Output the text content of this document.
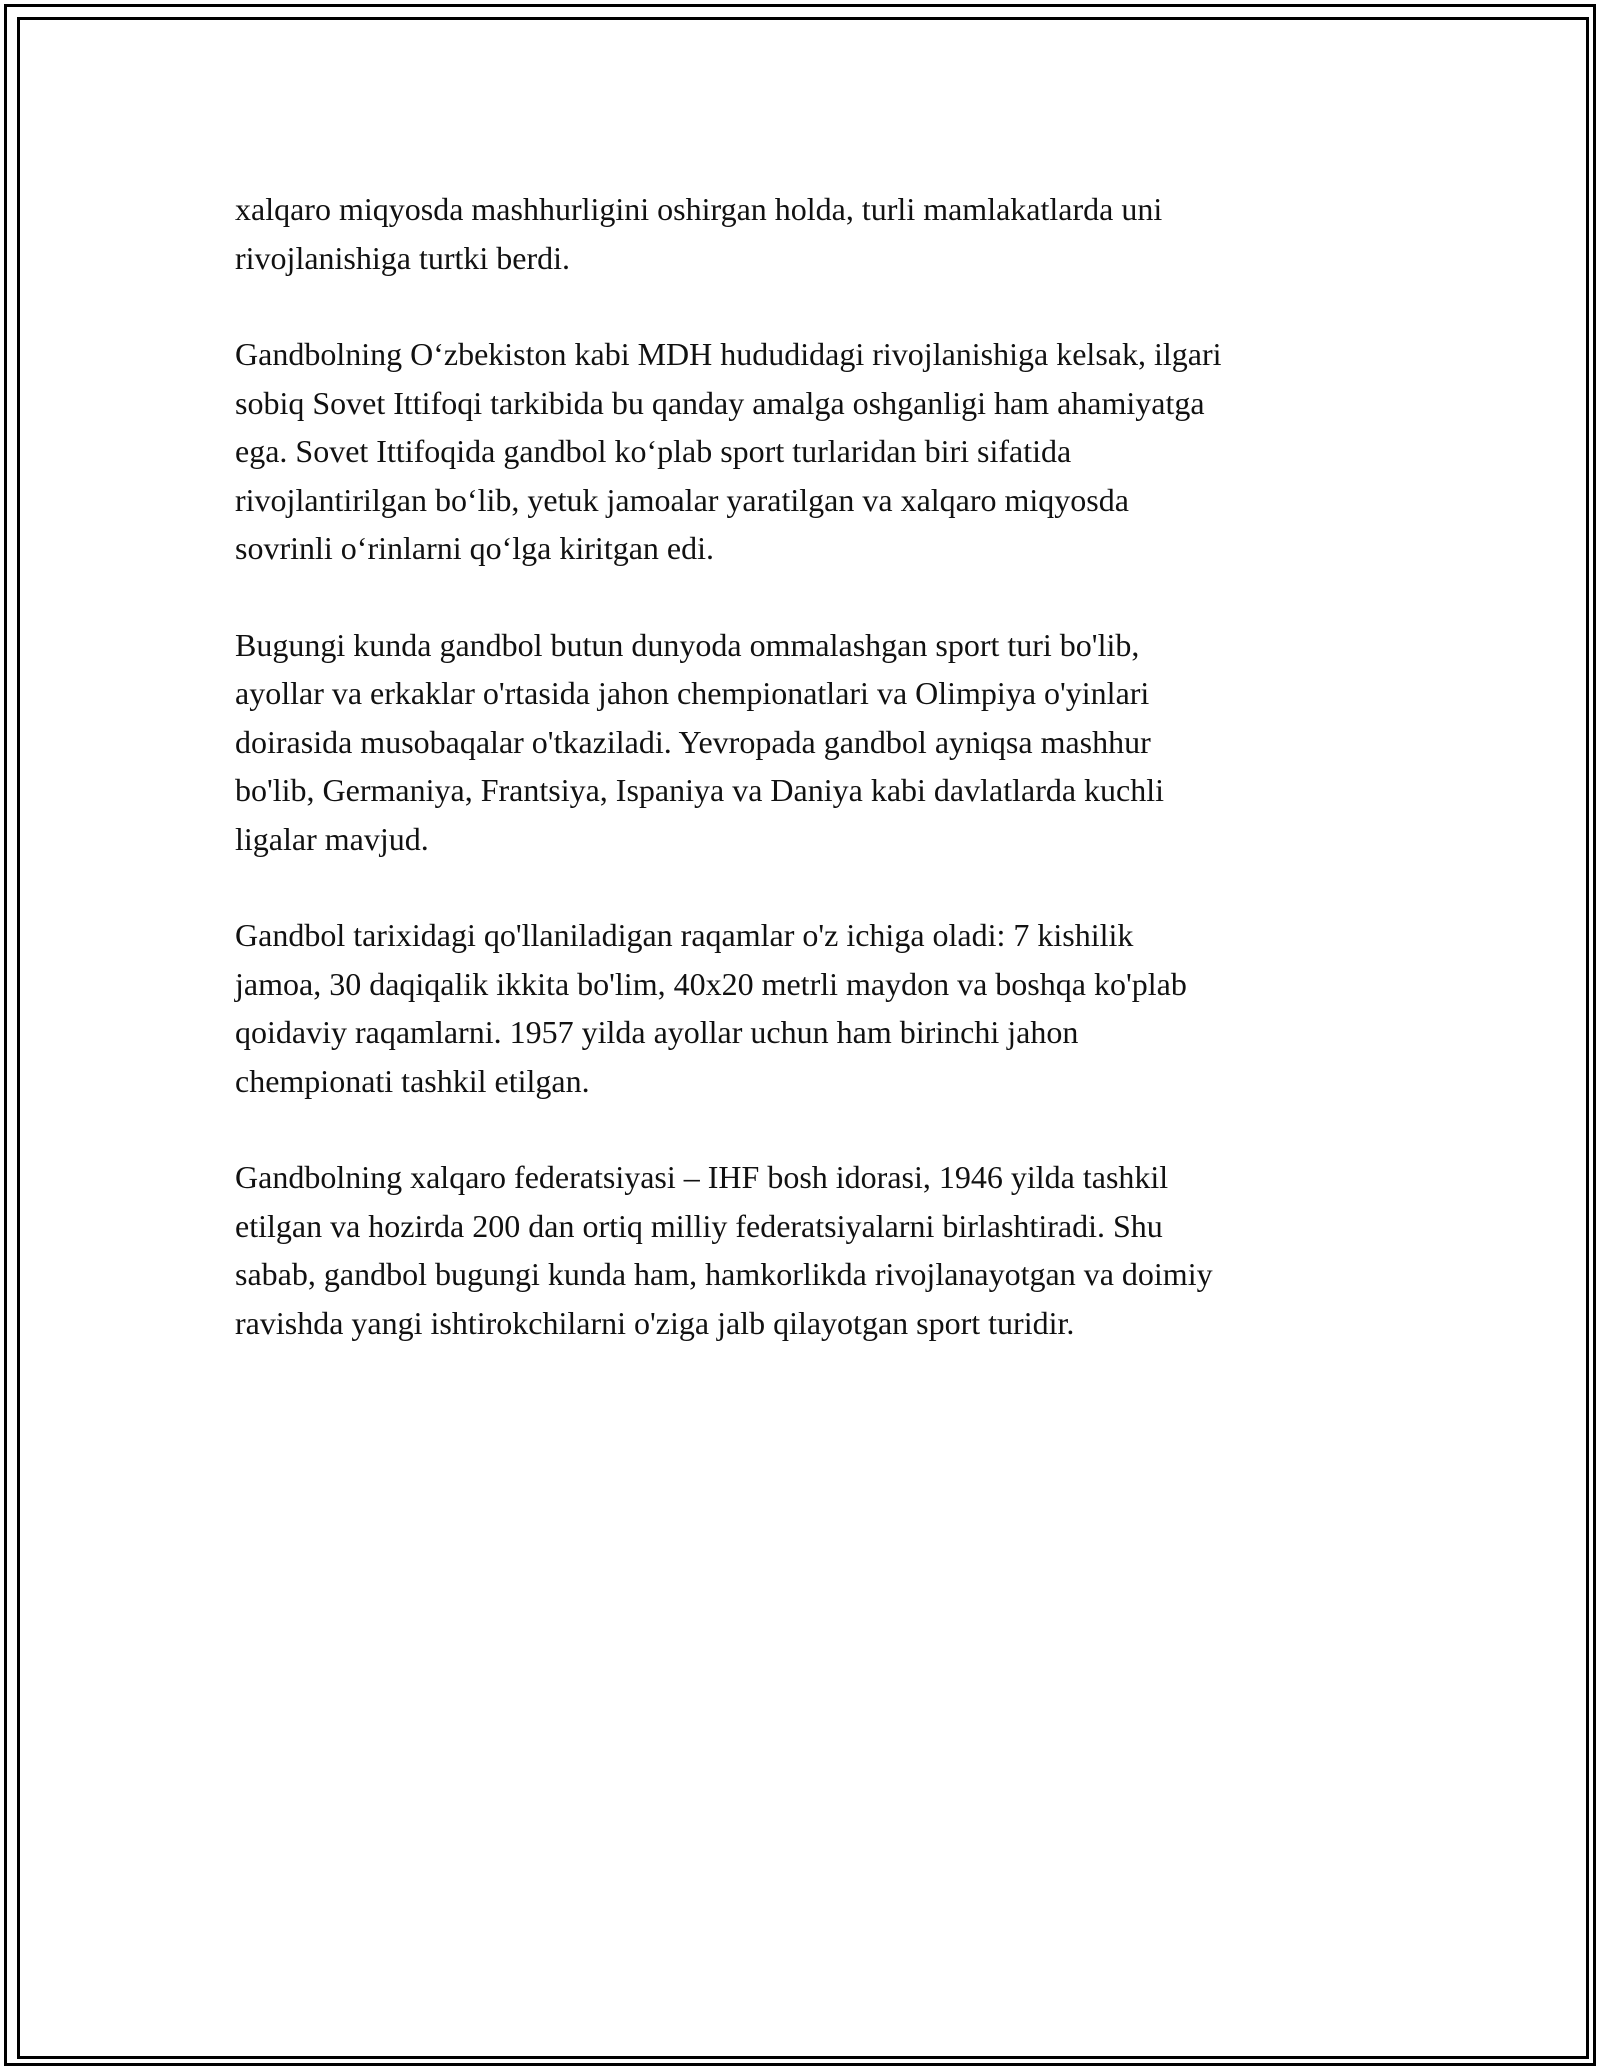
xalqaro miqyosda mashhurligini oshirgan holda, turli mamlakatlarda uni
rivojlanishiga turtki berdi.

Gandbolning O‘zbekiston kabi MDH hududidagi rivojlanishiga kelsak, ilgari
sobiq Sovet Ittifoqi tarkibida bu qanday amalga oshganligi ham ahamiyatga
ega. Sovet Ittifoqida gandbol ko‘plab sport turlaridan biri sifatida
rivojlantirilgan bo‘lib, yetuk jamoalar yaratilgan va xalqaro miqyosda
sovrinli o‘rinlarni qo‘lga kiritgan edi.

Bugungi kunda gandbol butun dunyoda ommalashgan sport turi bo'lib,
ayollar va erkaklar o'rtasida jahon chempionatlari va Olimpiya o'yinlari
doirasida musobaqalar o'tkaziladi. Yevropada gandbol ayniqsa mashhur
bo'lib, Germaniya, Frantsiya, Ispaniya va Daniya kabi davlatlarda kuchli
ligalar mavjud.

Gandbol tarixidagi qo'llaniladigan raqamlar o'z ichiga oladi: 7 kishilik
jamoa, 30 daqiqalik ikkita bo'lim, 40x20 metrli maydon va boshqa ko'plab
qoidaviy raqamlarni. 1957 yilda ayollar uchun ham birinchi jahon
chempionati tashkil etilgan.

Gandbolning xalqaro federatsiyasi – IHF bosh idorasi, 1946 yilda tashkil
etilgan va hozirda 200 dan ortiq milliy federatsiyalarni birlashtiradi. Shu
sabab, gandbol bugungi kunda ham, hamkorlikda rivojlanayotgan va doimiy
ravishda yangi ishtirokchilarni o'ziga jalb qilayotgan sport turidir.
